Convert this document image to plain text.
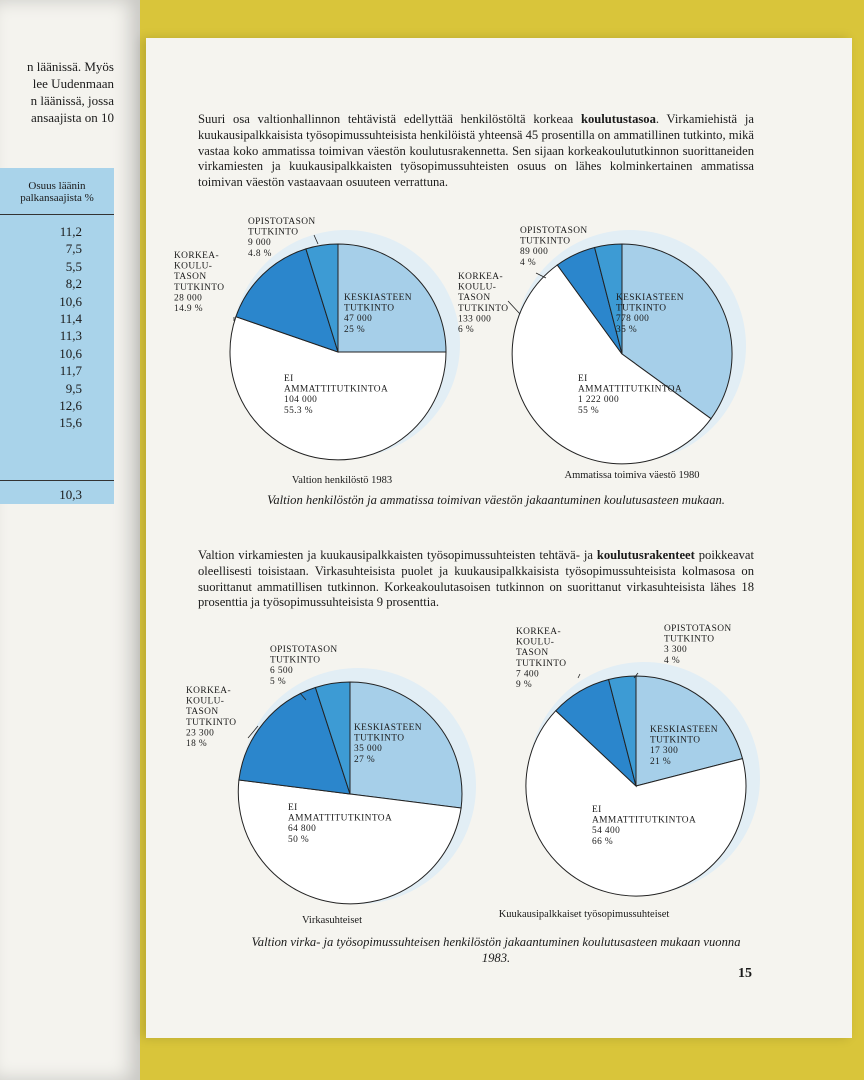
n läänissä. Myös
lee Uudenmaan
n läänissä, jossa
ansaajista on 10
Osuus läänin palkansaajista %
11,2
7,5
5,5
8,2
10,6
11,4
11,3
10,6
11,7
9,5
12,6
15,6
10,3
Suuri osa valtionhallinnon tehtävistä edellyttää henkilöstöltä korkeaa koulutustasoa. Virkamiehistä ja kuukausipalkkaisista työsopimussuhteisista henkilöistä yhteensä 45 prosentilla on ammatillinen tutkinto, mikä vastaa koko ammatissa toimivan väestön koulutusrakennetta. Sen sijaan korkeakoulututkinnon suorittaneiden virkamiesten ja kuukausipalkkaisten työsopimussuhteisten osuus on lähes kolminkertainen ammatissa toimivan väestön vastaavaan osuuteen verrattuna.
Valtion henkilöstön ja ammatissa toimivan väestön jakaantuminen koulutusasteen mukaan.
Valtion virkamiesten ja kuukausipalkkaisten työsopimussuhteisten tehtävä- ja koulutusrakenteet poikkeavat oleellisesti toisistaan. Virkasuhteisista puolet ja kuukausipalkkaisista työsopimussuhteisista kolmasosa on suorittanut ammatillisen tutkinnon. Korkeakoulutasoisen tutkinnon on suorittanut virkasuhteisista lähes 18 prosenttia ja työsopimussuhteisista 9 prosenttia.
Valtion virka- ja työsopimussuhteisen henkilöstön jakaantuminen koulutusasteen mukaan vuonna 1983.
15
KESKIASTEEN TUTKINTO 47 000 25 %
EI AMMATTITUTKINTOA 104 000 55.3 %
KORKEA-KOULU-TASON TUTKINTO 28 000 14.9 %
OPISTOTASON TUTKINTO 9 000 4.8 %
Valtion henkilöstö 1983
KESKIASTEEN TUTKINTO 778 000 35 %
EI AMMATTITUTKINTOA 1 222 000 55 %
KORKEA-KOULU-TASON TUTKINTO 133 000 6 %
OPISTOTASON TUTKINTO 89 000 4 %
Ammatissa toimiva väestö 1980
KESKIASTEEN TUTKINTO 35 000 27 %
EI AMMATTITUTKINTOA 64 800 50 %
KORKEA-KOULU-TASON TUTKINTO 23 300 18 %
OPISTOTASON TUTKINTO 6 500 5 %
Virkasuhteiset
KESKIASTEEN TUTKINTO 17 300 21 %
EI AMMATTITUTKINTOA 54 400 66 %
KORKEA-KOULU-TASON TUTKINTO 7 400 9 %
OPISTOTASON TUTKINTO 3 300 4 %
Kuukausipalkkaiset työsopimussuhteiset
